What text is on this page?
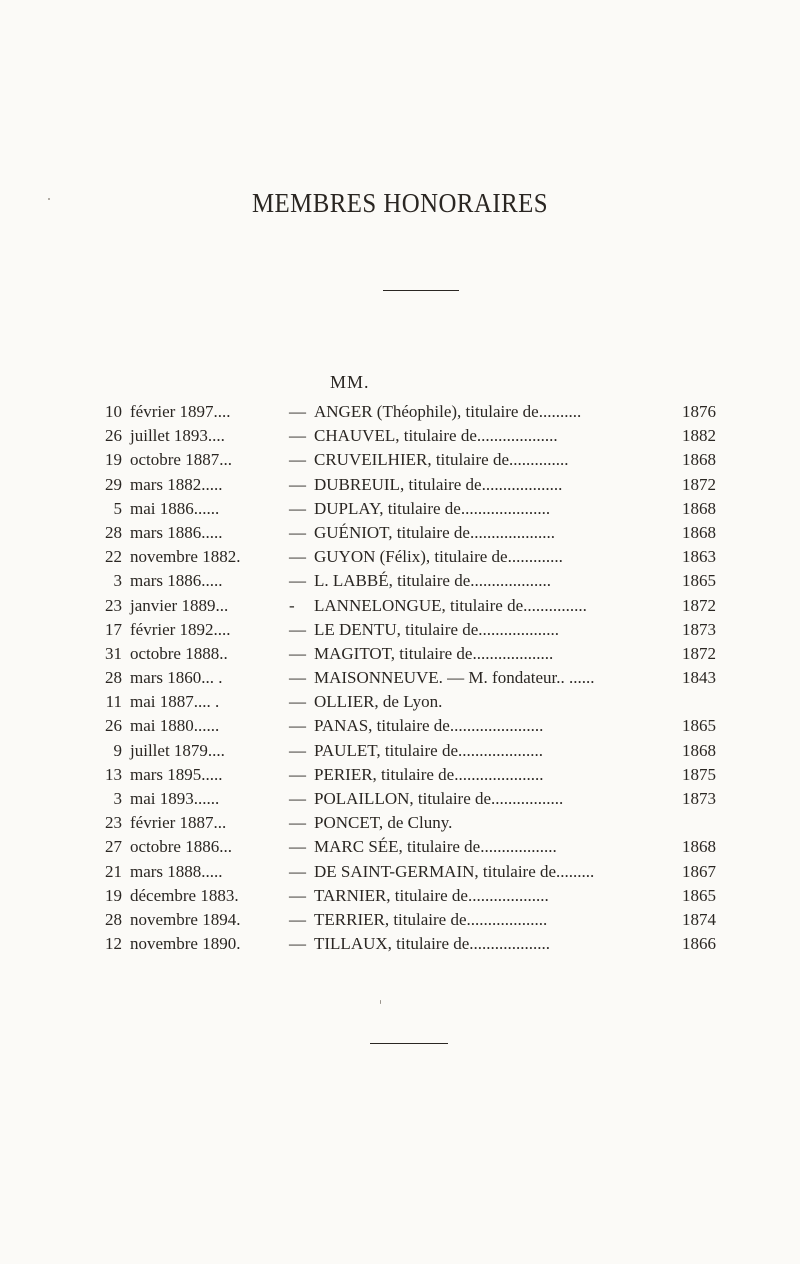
MEMBRES HONORAIRES
MM.
10 février 1897....	— ANGER (Théophile), titulaire de..........	1876
26 juillet 1893....	— CHAUVEL, titulaire de...................	1882
19 octobre 1887...	— CRUVEILHIER, titulaire de..............	1868
29 mars 1882.....	— DUBREUIL, titulaire de...................	1872
5 mai 1886......	— DUPLAY, titulaire de.....................	1868
28 mars 1886.....	— GUÉNIOT, titulaire de....................	1868
22 novembre 1882.	— GUYON (Félix), titulaire de.............	1863
3 mars 1886.....	— L. LABBÉ, titulaire de...................	1865
23 janvier 1889...	- LANNELONGUE, titulaire de...............	1872
17 février 1892....	— LE DENTU, titulaire de...................	1873
31 octobre 1888..	— MAGITOT, titulaire de...................	1872
28 mars 1860... .	— MAISONNEUVE. — M. fondateur.. ......	1843
11 mai 1887.... .	— OLLIER, de Lyon.
26 mai 1880......	— PANAS, titulaire de......................	1865
9 juillet 1879....	— PAULET, titulaire de....................	1868
13 mars 1895.....	— PERIER, titulaire de.....................	1875
3 mai 1893......	— POLAILLON, titulaire de.................	1873
23 février 1887...	— PONCET, de Cluny.
27 octobre 1886...	— MARC SÉE, titulaire de..................	1868
21 mars 1888.....	— DE SAINT-GERMAIN, titulaire de.........	1867
19 décembre 1883.	— TARNIER, titulaire de...................	1865
28 novembre 1894.	— TERRIER, titulaire de...................	1874
12 novembre 1890.	— TILLAUX, titulaire de...................	1866
